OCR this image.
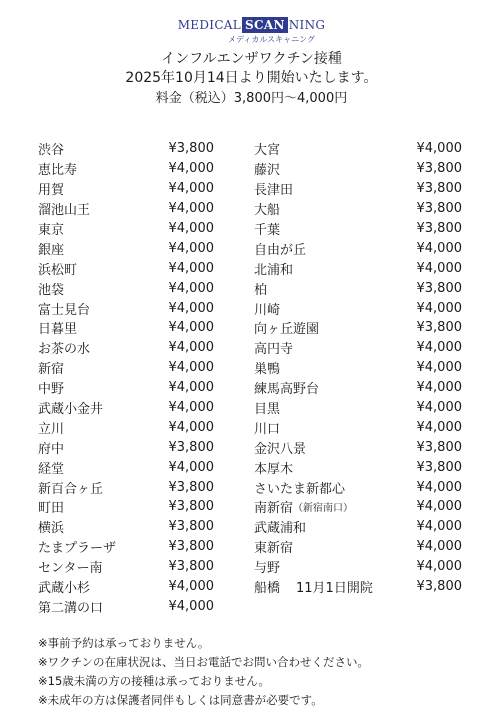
MEDICAL SCAN NING
メディカルスキャニング
インフルエンザワクチン接種
2025年10月14日より開始いたします。
料金（税込）3,800円～4,000円
渋谷	¥3,800
恵比寿	¥4,000
用賀	¥4,000
溜池山王	¥4,000
東京	¥4,000
銀座	¥4,000
浜松町	¥4,000
池袋	¥4,000
富士見台	¥4,000
日暮里	¥4,000
お茶の水	¥4,000
新宿	¥4,000
中野	¥4,000
武蔵小金井	¥4,000
立川	¥4,000
府中	¥3,800
経堂	¥4,000
新百合ヶ丘	¥3,800
町田	¥3,800
横浜	¥3,800
たまプラーザ	¥3,800
センター南	¥3,800
武蔵小杉	¥4,000
第二溝の口	¥4,000
大宮	¥4,000
藤沢	¥3,800
長津田	¥3,800
大船	¥3,800
千葉	¥3,800
自由が丘	¥4,000
北浦和	¥4,000
柏	¥3,800
川崎	¥4,000
向ヶ丘遊園	¥3,800
高円寺	¥4,000
巣鴨	¥4,000
練馬高野台	¥4,000
目黒	¥4,000
川口	¥4,000
金沢八景	¥3,800
本厚木	¥3,800
さいたま新都心	¥4,000
南新宿 （新宿南口）	¥4,000
武蔵浦和	¥4,000
東新宿	¥4,000
与野	¥4,000
船橋 11月1日開院	¥3,800
※事前予約は承っておりません。
※ワクチンの在庫状況は、当日お電話でお問い合わせください。
※15歳未満の方の接種は承っておりません。
※未成年の方は保護者同伴もしくは同意書が必要です。
